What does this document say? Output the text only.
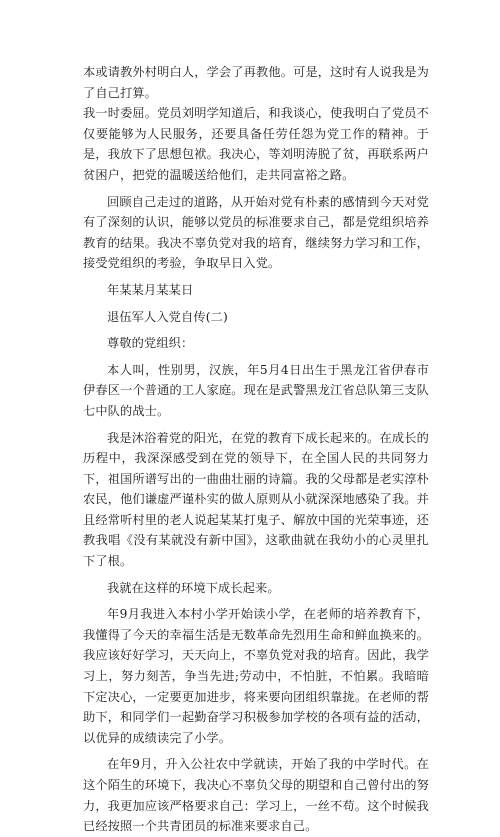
本或请教外村明白人，学会了再教他。可是，这时有人说我是为了自己打算。

我一时委屈。党员刘明学知道后，和我谈心，使我明白了党员不仅要能够为人民服务，还要具备任劳任怨为党工作的精神。于是，我放下了思想包袱。我决心，等刘明涛脱了贫，再联系两户贫困户，把党的温暖送给他们，走共同富裕之路。

回顾自己走过的道路，从开始对党有朴素的感情到今天对党有了深刻的认识，能够以党员的标准要求自己，都是党组织培养教育的结果。我决不辜负党对我的培育，继续努力学习和工作，接受党组织的考验，争取早日入党。

年某某月某某日

退伍军人入党自传(二)

尊敬的党组织：

本人叫，性别男，汉族，年5月4日出生于黑龙江省伊春市伊春区一个普通的工人家庭。现在是武警黑龙江省总队第三支队七中队的战士。

我是沐浴着党的阳光，在党的教育下成长起来的。在成长的历程中，我深深感受到在党的领导下，在全国人民的共同努力下，祖国所谱写出的一曲曲壮丽的诗篇。我的父母都是老实淳朴农民，他们谦虚严谨朴实的做人原则从小就深深地感染了我。并且经常听村里的老人说起某某打鬼子、解放中国的光荣事迹，还教我唱《没有某就没有新中国》，这歌曲就在我幼小的心灵里扎下了根。

我就在这样的环境下成长起来。

年9月我进入本村小学开始读小学，在老师的培养教育下，我懂得了今天的幸福生活是无数革命先烈用生命和鲜血换来的。我应该好好学习，天天向上，不辜负党对我的培育。因此，我学习上，努力刻苦，争当先进;劳动中，不怕脏，不怕累。我暗暗下定决心，一定要更加进步，将来要向团组织靠拢。在老师的帮助下，和同学们一起勤奋学习积极参加学校的各项有益的活动，以优异的成绩读完了小学。

在年9月，升入公社农中学就读，开始了我的中学时代。在这个陌生的环境下，我决心不辜负父母的期望和自己曾付出的努力，我更加应该严格要求自己：学习上，一丝不苟。这个时候我已经按照一个共青团员的标准来要求自己。
